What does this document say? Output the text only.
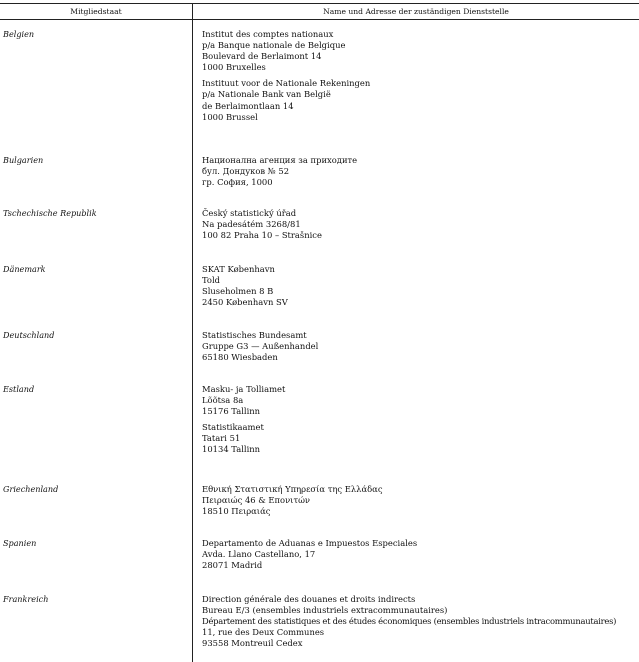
Mitgliedstaat	Name und Adresse der zuständigen Dienststelle
Belgien	Institut des comptes nationaux
p/a Banque nationale de Belgique
Boulevard de Berlaimont 14
1000 Bruxelles
Instituut voor de Nationale Rekeningen
p/a Nationale Bank van België
de Berlaimontlaan 14
1000 Brussel
Bulgarien	Национална агенция за приходите
бул. Дондуков № 52
гр. София, 1000
Tschechische Republik	Český statistický úřad
Na padesátém 3268/81
100 82 Praha 10 – Strašnice
Dänemark	SKAT København
Told
Sluseholmen 8 B
2450 København SV
Deutschland	Statistisches Bundesamt
Gruppe G3 — Außenhandel
65180 Wiesbaden
Estland	Masku- ja Tolliamet
Lõõtsa 8a
15176 Tallinn
Statistikaamet
Tatari 51
10134 Tallinn
Griechenland	Εθνική Στατιστική Υπηρεσία της Ελλάδας
Πειραιώς 46 & Επονιτών
18510 Πειραιάς
Spanien	Departamento de Aduanas e Impuestos Especiales
Avda. Llano Castellano, 17
28071 Madrid
Frankreich	Direction générale des douanes et droits indirects
Bureau E/3 (ensembles industriels extracommunautaires)
Département des statistiques et des études économiques (ensembles industriels intracommunautaires)
11, rue des Deux Communes
93558 Montreuil Cedex
